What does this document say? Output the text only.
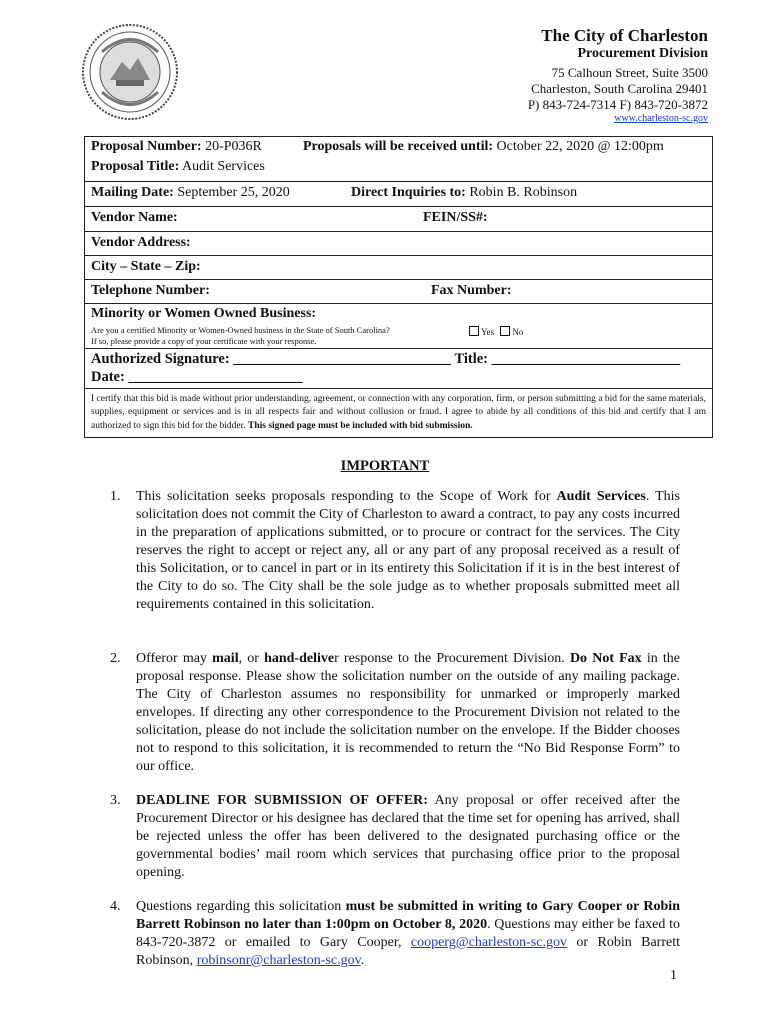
The City of Charleston
Procurement Division
75 Calhoun Street, Suite 3500
Charleston, South Carolina 29401
P) 843-724-7314 F) 843-720-3872
www.charleston-sc.gov
Proposal Number: 20-P036R	Proposals will be received until: October 22, 2020 @ 12:00pm
Proposal Title: Audit Services
Mailing Date: September 25, 2020	Direct Inquiries to: Robin B. Robinson
Vendor Name:	FEIN/SS#:
Vendor Address:
City – State – Zip:
Telephone Number:	Fax Number:
Minority or Women Owned Business:
Are you a certified Minority or Women-Owned business in the State of South Carolina?
If so, please provide a copy of your certificate with your response.
Yes No
Authorized Signature: ______________________________ Title: __________________________
Date: ________________________
I certify that this bid is made without prior understanding, agreement, or connection with any corporation, firm, or person submitting a bid for the same materials, supplies, equipment or services and is in all respects fair and without collusion or fraud. I agree to abide by all conditions of this bid and certify that I am authorized to sign this bid for the bidder. This signed page must be included with bid submission.
IMPORTANT
1. This solicitation seeks proposals responding to the Scope of Work for Audit Services. This solicitation does not commit the City of Charleston to award a contract, to pay any costs incurred in the preparation of applications submitted, or to procure or contract for the services. The City reserves the right to accept or reject any, all or any part of any proposal received as a result of this Solicitation, or to cancel in part or in its entirety this Solicitation if it is in the best interest of the City to do so. The City shall be the sole judge as to whether proposals submitted meet all requirements contained in this solicitation.
2. Offeror may mail, or hand-deliver response to the Procurement Division. Do Not Fax in the proposal response. Please show the solicitation number on the outside of any mailing package. The City of Charleston assumes no responsibility for unmarked or improperly marked envelopes. If directing any other correspondence to the Procurement Division not related to the solicitation, please do not include the solicitation number on the envelope. If the Bidder chooses not to respond to this solicitation, it is recommended to return the “No Bid Response Form” to our office.
3. DEADLINE FOR SUBMISSION OF OFFER: Any proposal or offer received after the Procurement Director or his designee has declared that the time set for opening has arrived, shall be rejected unless the offer has been delivered to the designated purchasing office or the governmental bodies’ mail room which services that purchasing office prior to the proposal opening.
4. Questions regarding this solicitation must be submitted in writing to Gary Cooper or Robin Barrett Robinson no later than 1:00pm on October 8, 2020. Questions may either be faxed to 843-720-3872 or emailed to Gary Cooper, cooperg@charleston-sc.gov or Robin Barrett Robinson, robinsonr@charleston-sc.gov.
1
